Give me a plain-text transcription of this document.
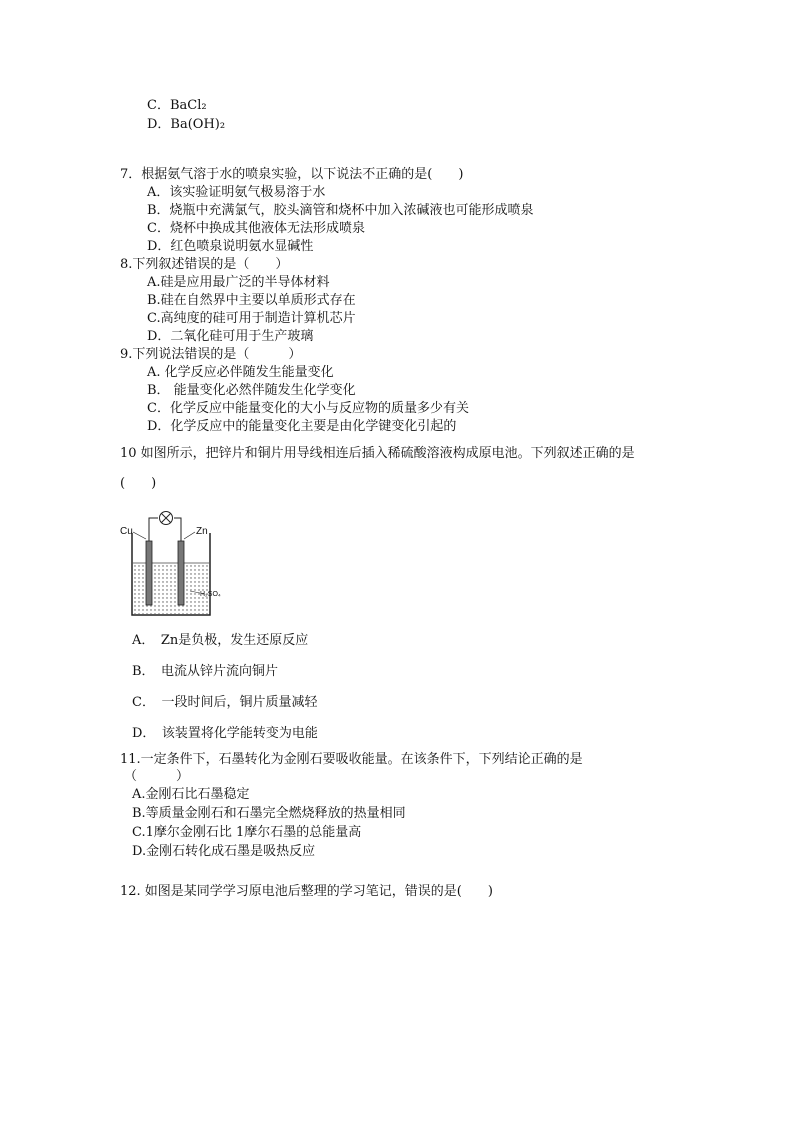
C．BaCl₂
D．Ba(OH)₂
7．根据氨气溶于水的喷泉实验，以下说法不正确的是(　　)
A．该实验证明氨气极易溶于水
B．烧瓶中充满氯气，胶头滴管和烧杯中加入浓碱液也可能形成喷泉
C．烧杯中换成其他液体无法形成喷泉
D．红色喷泉说明氨水显碱性
8.下列叙述错误的是（　　）
A.硅是应用最广泛的半导体材料
B.硅在自然界中主要以单质形式存在
C.高纯度的硅可用于制造计算机芯片
D．二氧化硅可用于生产玻璃
9.下列说法错误的是（　　　）
A. 化学反应必伴随发生能量变化
B． 能量变化必然伴随发生化学变化
C．化学反应中能量变化的大小与反应物的质量多少有关
D．化学反应中的能量变化主要是由化学键变化引起的
10 如图所示，把锌片和铜片用导线相连后插入稀硫酸溶液构成原电池。下列叙述正确的是
(　　)
Cu	Zn
H₂SO₄
A．　Zn是负极，发生还原反应
B．　电流从锌片流向铜片
C．　一段时间后，铜片质量减轻
D．　该装置将化学能转变为电能
11.一定条件下，石墨转化为金刚石要吸收能量。在该条件下，下列结论正确的是
（　　　）
A.金刚石比石墨稳定
B.等质量金刚石和石墨完全燃烧释放的热量相同
C.1摩尔金刚石比 1摩尔石墨的总能量高
D.金刚石转化成石墨是吸热反应
12. 如图是某同学学习原电池后整理的学习笔记，错误的是(　　)
